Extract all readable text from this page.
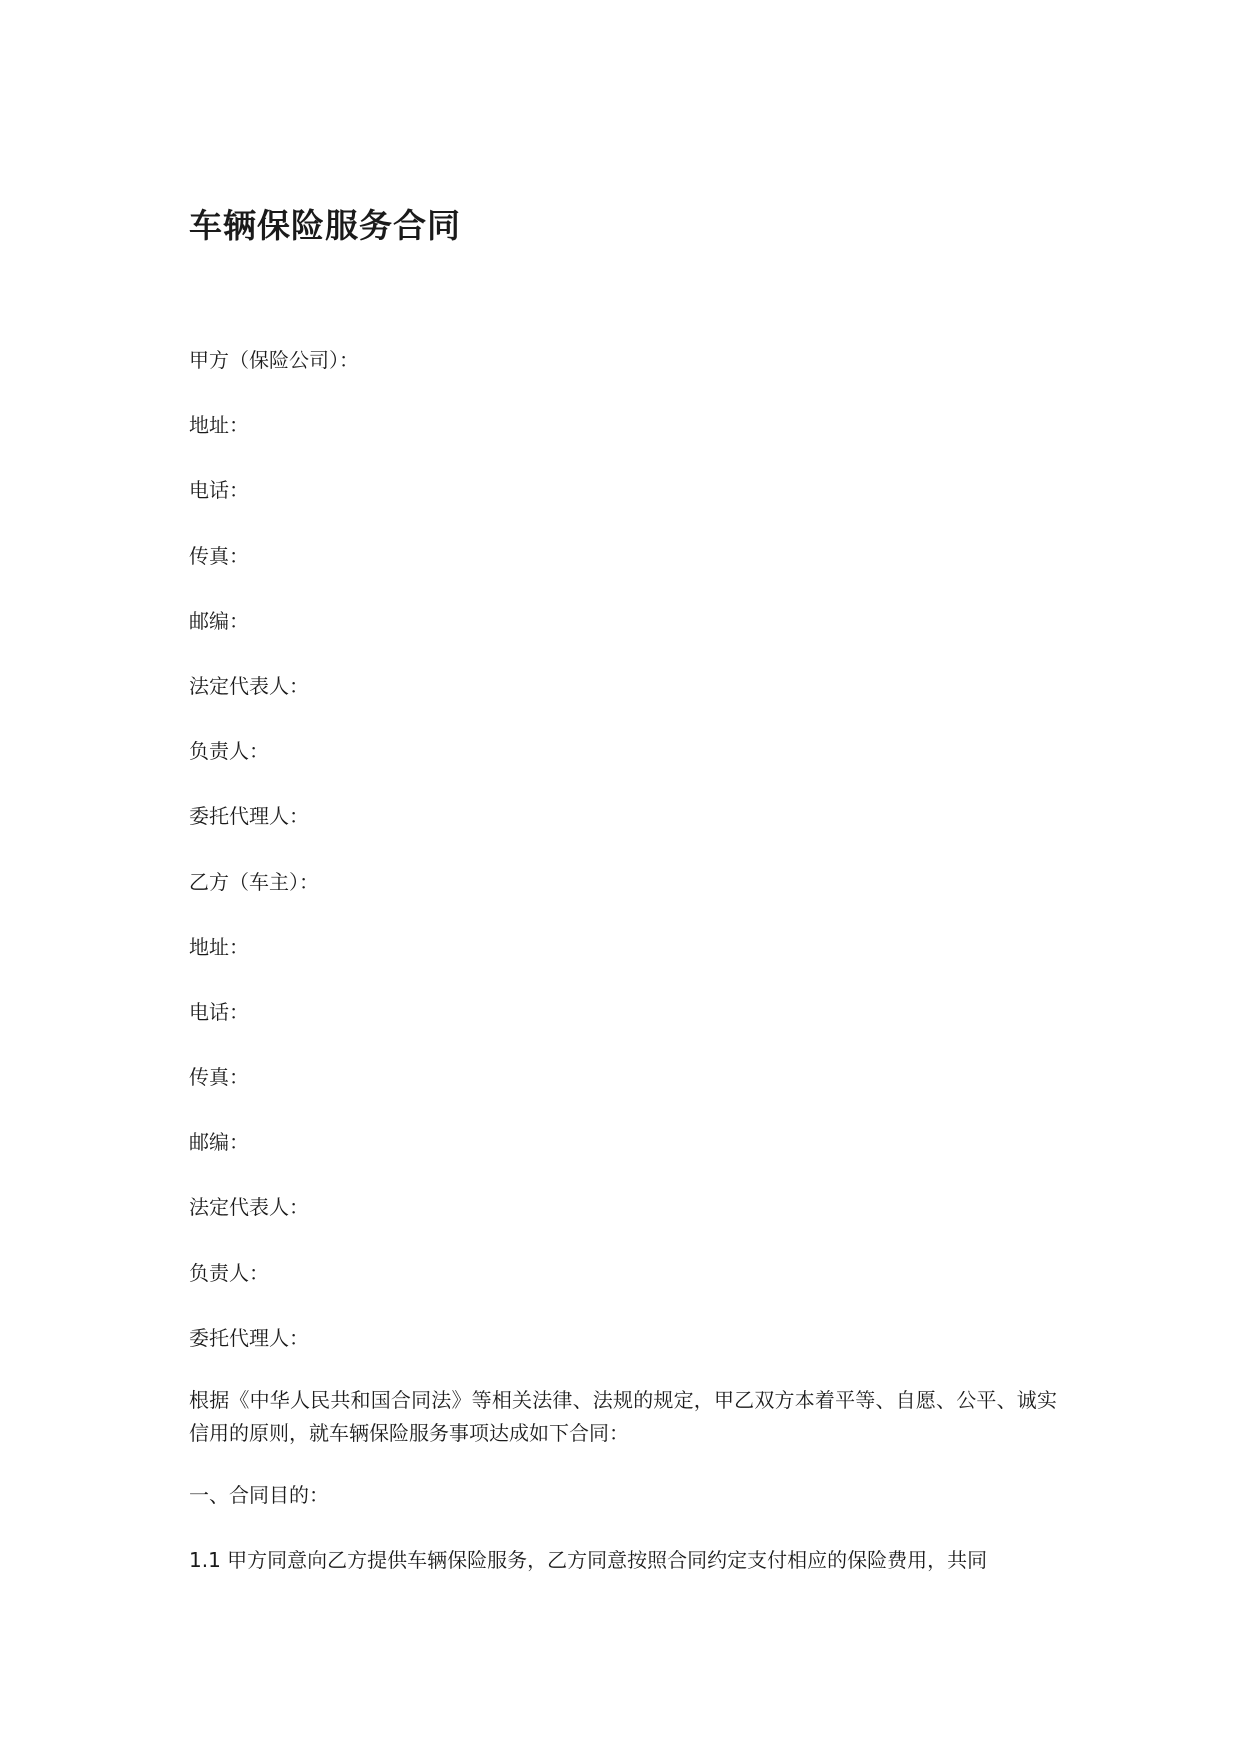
车辆保险服务合同
甲方（保险公司）：
地址：
电话：
传真：
邮编：
法定代表人：
负责人：
委托代理人：
乙方（车主）：
地址：
电话：
传真：
邮编：
法定代表人：
负责人：
委托代理人：

根据《中华人民共和国合同法》等相关法律、法规的规定，甲乙双方本着平等、自愿、公平、诚实信用的原则，就车辆保险服务事项达成如下合同：

一、合同目的：

1.1 甲方同意向乙方提供车辆保险服务，乙方同意按照合同约定支付相应的保险费用，共同
